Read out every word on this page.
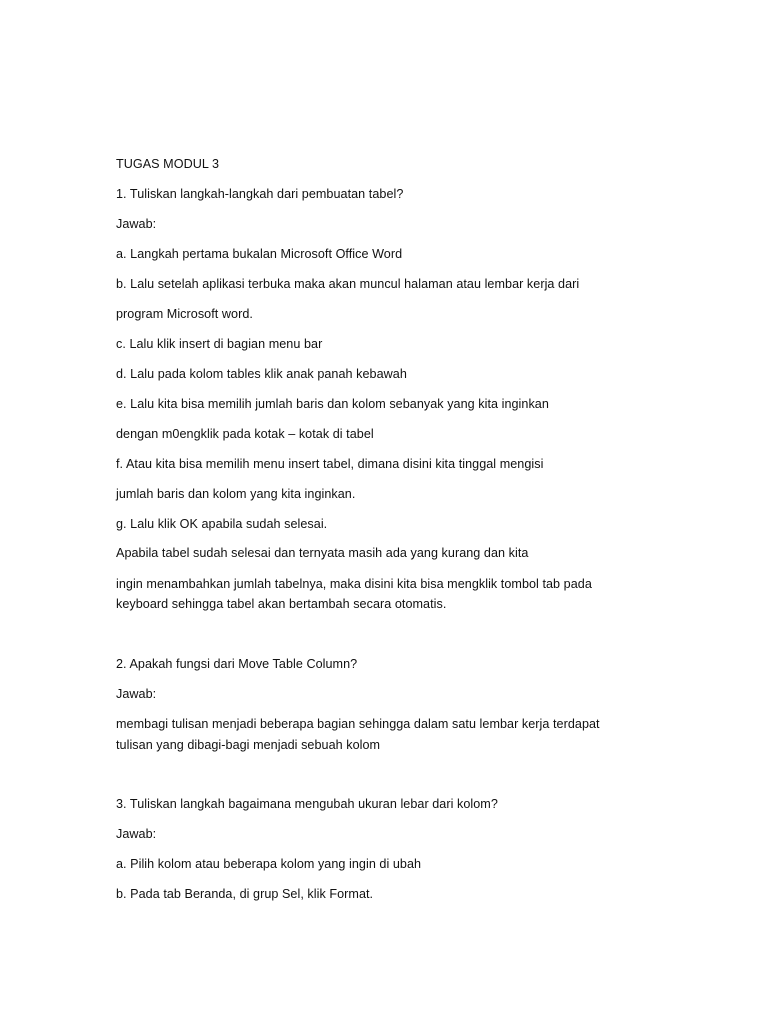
TUGAS MODUL 3
1. Tuliskan langkah-langkah dari pembuatan tabel?
Jawab:
a. Langkah pertama bukalan Microsoft Office Word
b. Lalu setelah aplikasi terbuka maka akan muncul halaman atau lembar kerja dari
program Microsoft word.
c. Lalu klik insert di bagian menu bar
d. Lalu pada kolom tables klik anak panah kebawah
e. Lalu kita bisa memilih jumlah baris dan kolom sebanyak yang kita inginkan
dengan m0engklik pada kotak – kotak di tabel
f. Atau kita bisa memilih menu insert tabel, dimana disini kita tinggal mengisi
jumlah baris dan kolom yang kita inginkan.
g. Lalu klik OK apabila sudah selesai.
Apabila tabel sudah selesai dan ternyata masih ada yang kurang dan kita
ingin menambahkan jumlah tabelnya, maka disini kita bisa mengklik tombol tab pada
keyboard sehingga tabel akan bertambah secara otomatis.
2. Apakah fungsi dari Move Table Column?
Jawab:
membagi tulisan menjadi beberapa bagian sehingga dalam satu lembar kerja terdapat
tulisan yang dibagi-bagi menjadi sebuah kolom
3. Tuliskan langkah bagaimana mengubah ukuran lebar dari kolom?
Jawab:
a. Pilih kolom atau beberapa kolom yang ingin di ubah
b. Pada tab Beranda, di grup Sel, klik Format.
